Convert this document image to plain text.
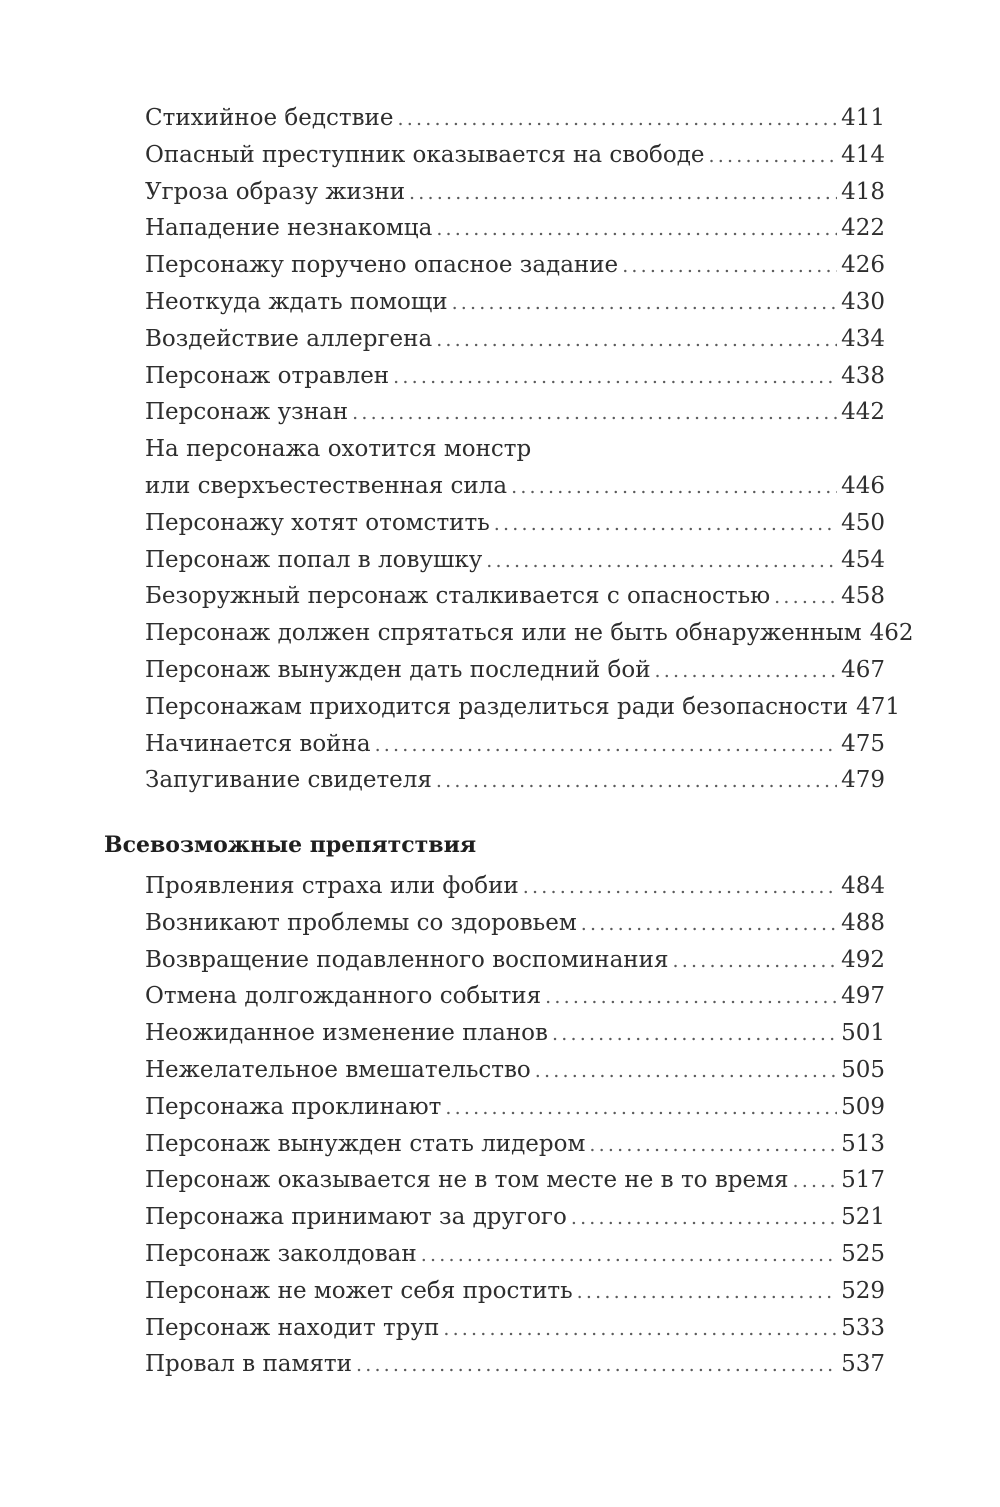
Стихийное бедствие .....	411
Опасный преступник оказывается на свободе .....	414
Угроза образу жизни .....	418
Нападение незнакомца .....	422
Персонажу поручено опасное задание .....	426
Неоткуда ждать помощи .....	430
Воздействие аллергена .....	434
Персонаж отравлен .....	438
Персонаж узнан .....	442
На персонажа охотится монстр
или сверхъестественная сила .....	446
Персонажу хотят отомстить .....	450
Персонаж попал в ловушку .....	454
Безоружный персонаж сталкивается с опасностью .....	458
Персонаж должен спрятаться или не быть обнаруженным 462
Персонаж вынужден дать последний бой .....	467
Персонажам приходится разделиться ради безопасности 471
Начинается война .....	475
Запугивание свидетеля .....	479
Всевозможные препятствия
Проявления страха или фобии .....	484
Возникают проблемы со здоровьем .....	488
Возвращение подавленного воспоминания .....	492
Отмена долгожданного события .....	497
Неожиданное изменение планов .....	501
Нежелательное вмешательство .....	505
Персонажа проклинают .....	509
Персонаж вынужден стать лидером .....	513
Персонаж оказывается не в том месте не в то время ..... 517
Персонажа принимают за другого .....	521
Персонаж заколдован .....	525
Персонаж не может себя простить .....	529
Персонаж находит труп .....	533
Провал в памяти .....	537
